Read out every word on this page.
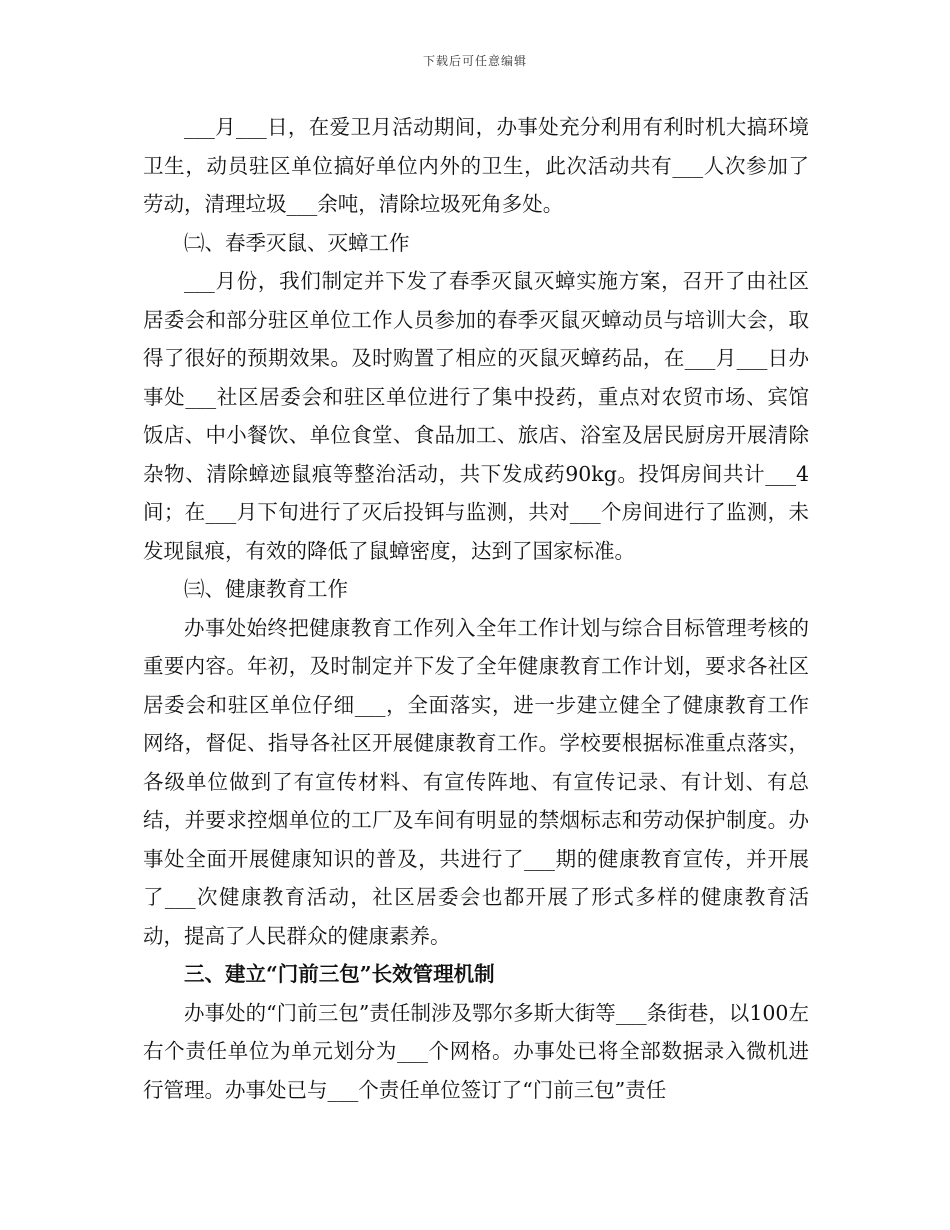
下载后可任意编辑

___月___日，在爱卫月活动期间，办事处充分利用有利时机大搞环境卫生，动员驻区单位搞好单位内外的卫生，此次活动共有___人次参加了劳动，清理垃圾___余吨，清除垃圾死角多处。

㈡、春季灭鼠、灭蟑工作

___月份，我们制定并下发了春季灭鼠灭蟑实施方案，召开了由社区居委会和部分驻区单位工作人员参加的春季灭鼠灭蟑动员与培训大会，取得了很好的预期效果。及时购置了相应的灭鼠灭蟑药品，在___月___日办事处___社区居委会和驻区单位进行了集中投药，重点对农贸市场、宾馆饭店、中小餐饮、单位食堂、食品加工、旅店、浴室及居民厨房开展清除杂物、清除蟑迹鼠痕等整治活动，共下发成药90kg。投饵房间共计___4间；在___月下旬进行了灭后投铒与监测，共对___个房间进行了监测，未发现鼠痕，有效的降低了鼠蟑密度，达到了国家标准。

㈢、健康教育工作

办事处始终把健康教育工作列入全年工作计划与综合目标管理考核的重要内容。年初，及时制定并下发了全年健康教育工作计划，要求各社区居委会和驻区单位仔细___，全面落实，进一步建立健全了健康教育工作网络，督促、指导各社区开展健康教育工作。学校要根据标准重点落实，各级单位做到了有宣传材料、有宣传阵地、有宣传记录、有计划、有总结，并要求控烟单位的工厂及车间有明显的禁烟标志和劳动保护制度。办事处全面开展健康知识的普及，共进行了___期的健康教育宣传，并开展了___次健康教育活动，社区居委会也都开展了形式多样的健康教育活动，提高了人民群众的健康素养。

三、建立“门前三包”长效管理机制

办事处的“门前三包”责任制涉及鄂尔多斯大街等___条街巷，以100左右个责任单位为单元划分为___个网格。办事处已将全部数据录入微机进行管理。办事处已与___个责任单位签订了“门前三包”责任
